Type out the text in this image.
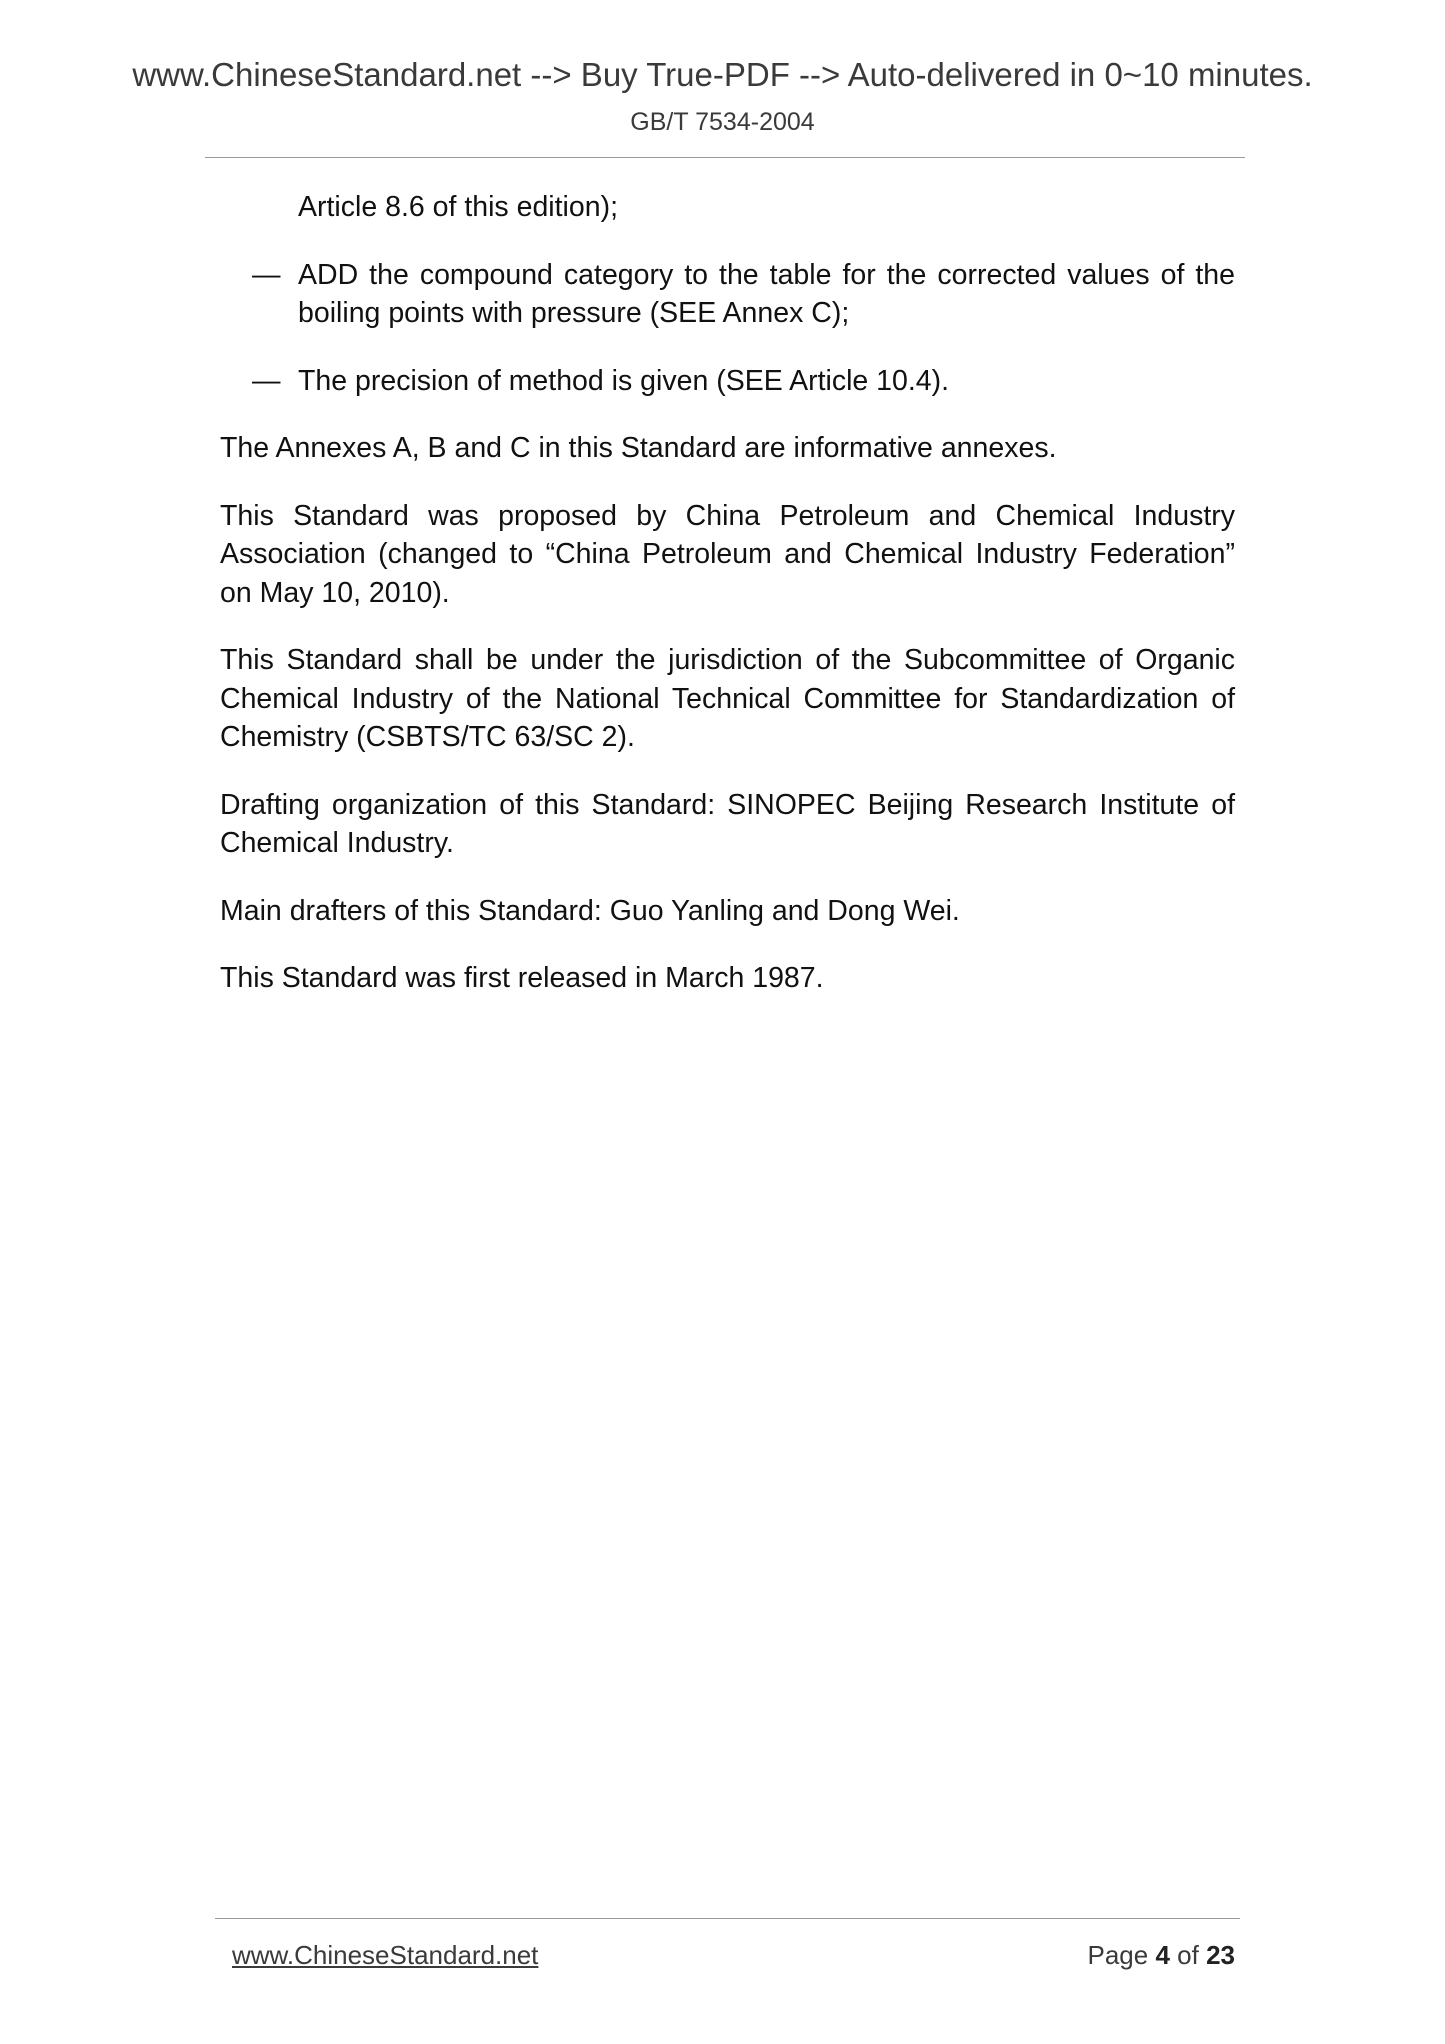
www.ChineseStandard.net --> Buy True-PDF --> Auto-delivered in 0~10 minutes.
GB/T 7534-2004

Article 8.6 of this edition);

— ADD the compound category to the table for the corrected values of the boiling points with pressure (SEE Annex C);
— The precision of method is given (SEE Article 10.4).

The Annexes A, B and C in this Standard are informative annexes.

This Standard was proposed by China Petroleum and Chemical Industry Association (changed to “China Petroleum and Chemical Industry Federation” on May 10, 2010).

This Standard shall be under the jurisdiction of the Subcommittee of Organic Chemical Industry of the National Technical Committee for Standardization of Chemistry (CSBTS/TC 63/SC 2).

Drafting organization of this Standard: SINOPEC Beijing Research Institute of Chemical Industry.

Main drafters of this Standard: Guo Yanling and Dong Wei.

This Standard was first released in March 1987.

www.ChineseStandard.net	Page 4 of 23
